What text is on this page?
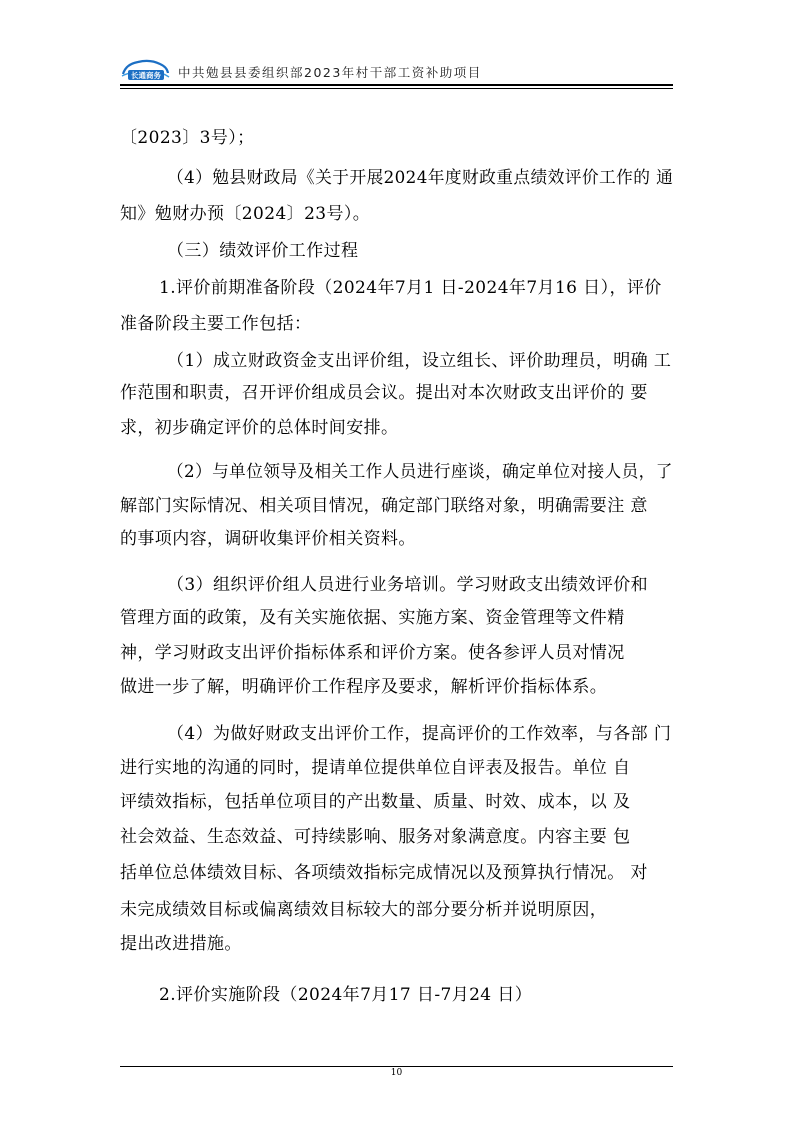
长通商务 中共勉县县委组织部2023年村干部工资补助项目
〔2023〕3号）；
（4）勉县财政局《关于开展2024年度财政重点绩效评价工作的 通
知》勉财办预〔2024〕23号）。
（三）绩效评价工作过程
1.评价前期准备阶段（2024年7月1 日-2024年7月16 日），评价
准备阶段主要工作包括：
（1）成立财政资金支出评价组，设立组长、评价助理员，明确 工
作范围和职责，召开评价组成员会议。提出对本次财政支出评价的 要
求，初步确定评价的总体时间安排。
（2）与单位领导及相关工作人员进行座谈，确定单位对接人员，了
解部门实际情况、相关项目情况，确定部门联络对象，明确需要注 意
的事项内容，调研收集评价相关资料。
（3）组织评价组人员进行业务培训。学习财政支出绩效评价和
管理方面的政策，及有关实施依据、实施方案、资金管理等文件精
神，学习财政支出评价指标体系和评价方案。使各参评人员对情况
做进一步了解，明确评价工作程序及要求，解析评价指标体系。
（4）为做好财政支出评价工作，提高评价的工作效率，与各部 门
进行实地的沟通的同时，提请单位提供单位自评表及报告。单位 自
评绩效指标，包括单位项目的产出数量、质量、时效、成本，以 及
社会效益、生态效益、可持续影响、服务对象满意度。内容主要 包
括单位总体绩效目标、各项绩效指标完成情况以及预算执行情况。 对
未完成绩效目标或偏离绩效目标较大的部分要分析并说明原因，
提出改进措施。
2.评价实施阶段（2024年7月17 日-7月24 日）
10
